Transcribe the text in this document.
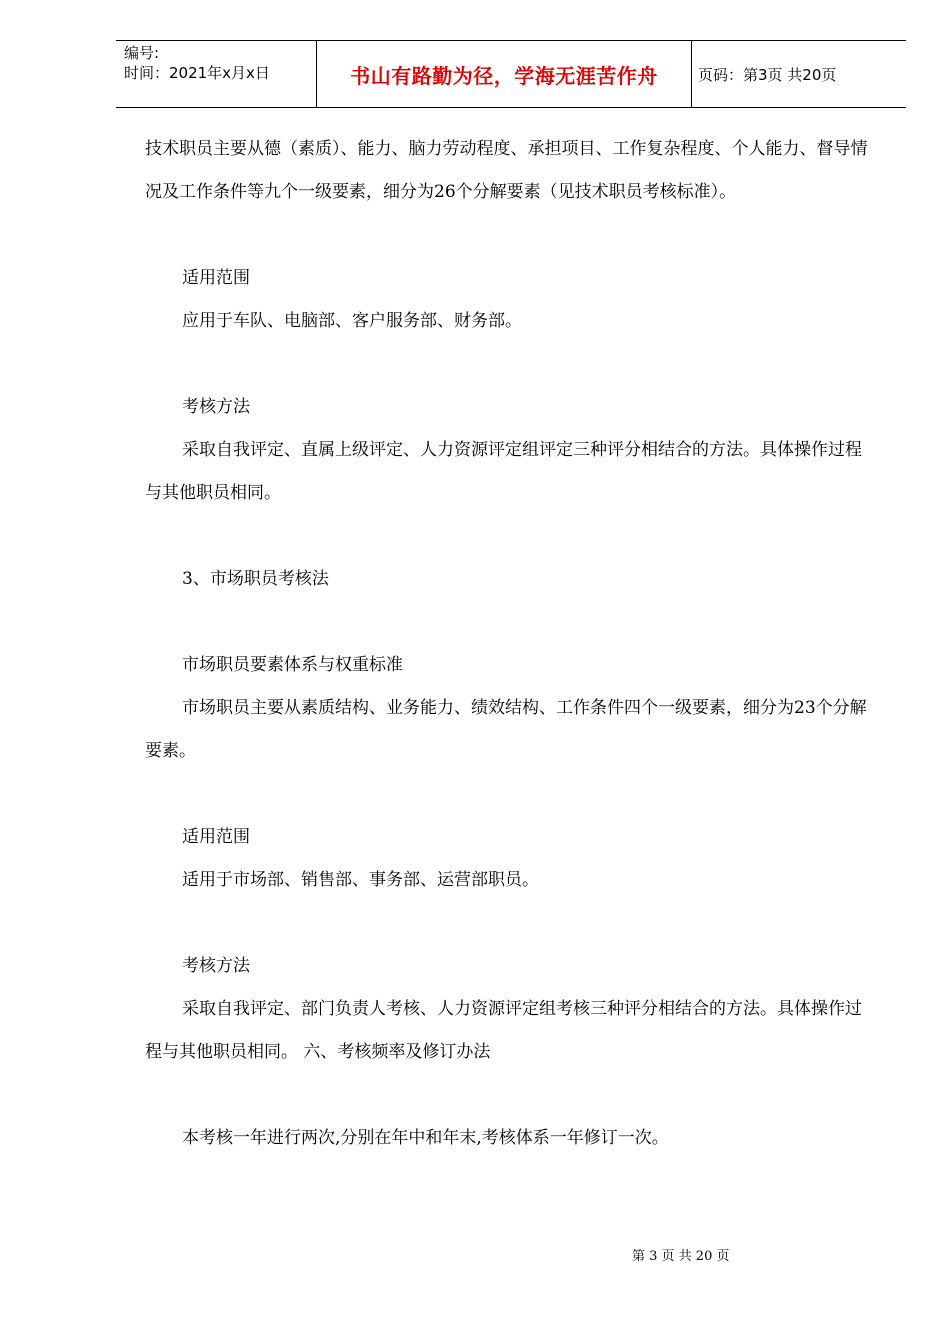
编号:
时间：2021年x月x日	书山有路勤为径，学海无涯苦作舟	页码：第3页 共20页

技术职员主要从德（素质）、能力、脑力劳动程度、承担项目、工作复杂程度、个人能力、督导情况及工作条件等九个一级要素，细分为26个分解要素（见技术职员考核标准）。

适用范围

应用于车队、电脑部、客户服务部、财务部。

考核方法

采取自我评定、直属上级评定、人力资源评定组评定三种评分相结合的方法。具体操作过程与其他职员相同。

3、市场职员考核法

市场职员要素体系与权重标准

市场职员主要从素质结构、业务能力、绩效结构、工作条件四个一级要素，细分为23个分解要素。

适用范围

适用于市场部、销售部、事务部、运营部职员。

考核方法

采取自我评定、部门负责人考核、人力资源评定组考核三种评分相结合的方法。具体操作过程与其他职员相同。 六、考核频率及修订办法

本考核一年进行两次,分别在年中和年末,考核体系一年修订一次。

第 3 页 共 20 页
